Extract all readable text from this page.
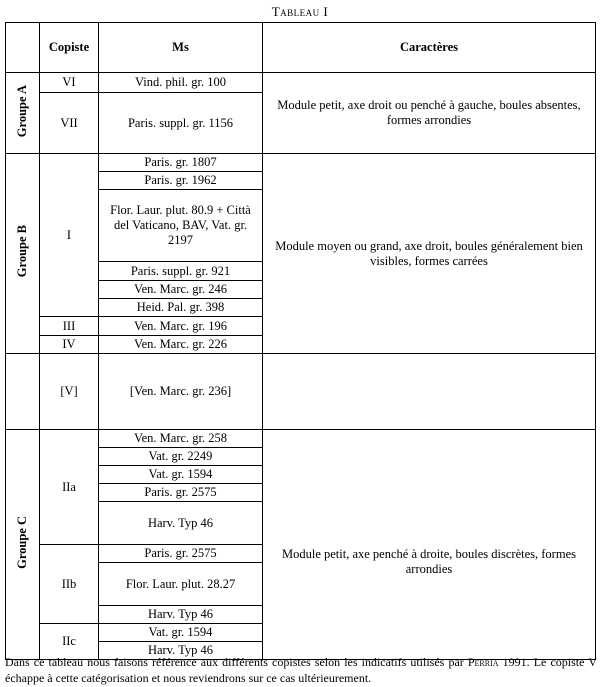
Tableau I
	Copiste	Ms	Caractères
Groupe A	VI	Vind. phil. gr. 100	Module petit, axe droit ou penché à gauche, boules absentes, formes arrondies
	VII	Paris. suppl. gr. 1156	
Groupe B	I	Paris. gr. 1807	Module moyen ou grand, axe droit, boules généralement bien visibles, formes carrées
		Paris. gr. 1962	
		Flor. Laur. plut. 80.9 + Città del Vaticano, BAV, Vat. gr. 2197	
		Paris. suppl. gr. 921	
		Ven. Marc. gr. 246	
		Heid. Pal. gr. 398	
	III	Ven. Marc. gr. 196	
	IV	Ven. Marc. gr. 226	
	[V]	[Ven. Marc. gr. 236]	
Groupe C	IIa	Ven. Marc. gr. 258	Module petit, axe penché à droite, boules discrètes, formes arrondies
		Vat. gr. 2249	
		Vat. gr. 1594	
		Paris. gr. 2575	
		Harv. Typ 46	
	IIb	Paris. gr. 2575	
		Flor. Laur. plut. 28.27	
		Harv. Typ 46	
	IIc	Vat. gr. 1594	
		Harv. Typ 46	
Dans ce tableau nous faisons référence aux différents copistes selon les indicatifs utilisés par Perria 1991. Le copiste V échappe à cette catégorisation et nous reviendrons sur ce cas ultérieurement.
